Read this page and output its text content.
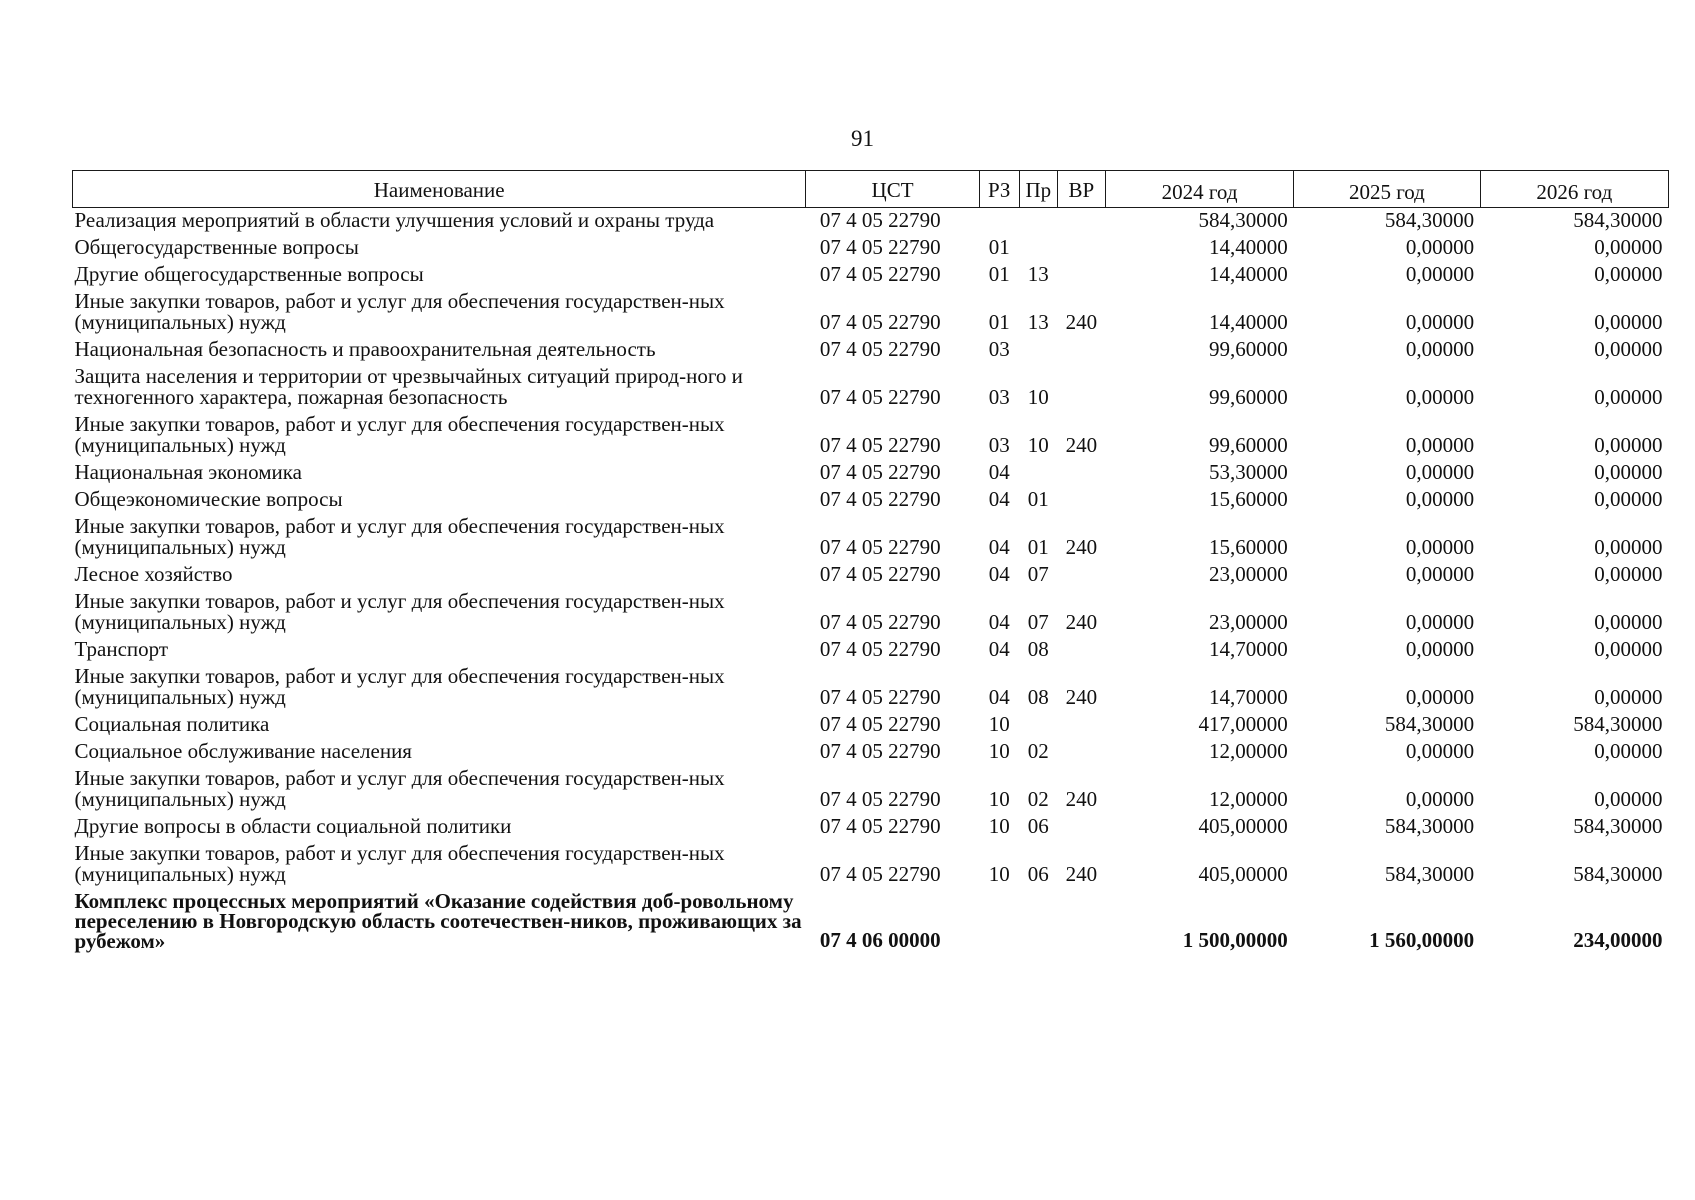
91
Наименование	ЦСТ	РЗ	Пр	ВР	2024 год	2025 год	2026 год
Реализация мероприятий в области улучшения условий и охраны труда	07 4 05 22790				584,30000	584,30000	584,30000
Общегосударственные вопросы	07 4 05 22790	01			14,40000	0,00000	0,00000
Другие общегосударственные вопросы	07 4 05 22790	01	13		14,40000	0,00000	0,00000
Иные закупки товаров, работ и услуг для обеспечения государствен-ных (муниципальных) нужд	07 4 05 22790	01	13	240	14,40000	0,00000	0,00000
Национальная безопасность и правоохранительная деятельность	07 4 05 22790	03			99,60000	0,00000	0,00000
Защита населения и территории от чрезвычайных ситуаций природ-ного и техногенного характера, пожарная безопасность	07 4 05 22790	03	10		99,60000	0,00000	0,00000
Иные закупки товаров, работ и услуг для обеспечения государствен-ных (муниципальных) нужд	07 4 05 22790	03	10	240	99,60000	0,00000	0,00000
Национальная экономика	07 4 05 22790	04			53,30000	0,00000	0,00000
Общеэкономические вопросы	07 4 05 22790	04	01		15,60000	0,00000	0,00000
Иные закупки товаров, работ и услуг для обеспечения государствен-ных (муниципальных) нужд	07 4 05 22790	04	01	240	15,60000	0,00000	0,00000
Лесное хозяйство	07 4 05 22790	04	07		23,00000	0,00000	0,00000
Иные закупки товаров, работ и услуг для обеспечения государствен-ных (муниципальных) нужд	07 4 05 22790	04	07	240	23,00000	0,00000	0,00000
Транспорт	07 4 05 22790	04	08		14,70000	0,00000	0,00000
Иные закупки товаров, работ и услуг для обеспечения государствен-ных (муниципальных) нужд	07 4 05 22790	04	08	240	14,70000	0,00000	0,00000
Социальная политика	07 4 05 22790	10			417,00000	584,30000	584,30000
Социальное обслуживание населения	07 4 05 22790	10	02		12,00000	0,00000	0,00000
Иные закупки товаров, работ и услуг для обеспечения государствен-ных (муниципальных) нужд	07 4 05 22790	10	02	240	12,00000	0,00000	0,00000
Другие вопросы в области социальной политики	07 4 05 22790	10	06		405,00000	584,30000	584,30000
Иные закупки товаров, работ и услуг для обеспечения государствен-ных (муниципальных) нужд	07 4 05 22790	10	06	240	405,00000	584,30000	584,30000
Комплекс процессных мероприятий «Оказание содействия доб-ровольному переселению в Новгородскую область соотечествен-ников, проживающих за рубежом»	07 4 06 00000				1 500,00000	1 560,00000	234,00000
